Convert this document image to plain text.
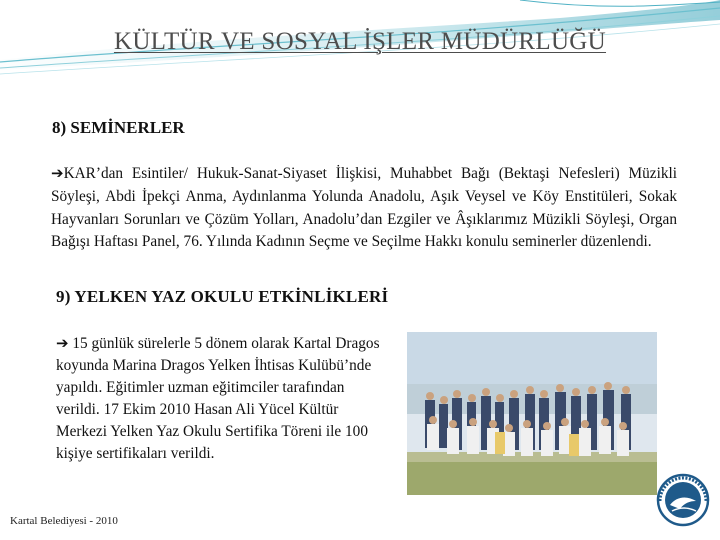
KÜLTÜR VE SOSYAL İŞLER MÜDÜRLÜĞÜ
8) SEMİNERLER
➔KAR’dan Esintiler/ Hukuk-Sanat-Siyaset İlişkisi, Muhabbet Bağı (Bektaşi Nefesleri) Müzikli Söyleşi, Abdi İpekçi Anma, Aydınlanma Yolunda Anadolu, Aşık Veysel ve Köy Enstitüleri, Sokak Hayvanları Sorunları ve Çözüm Yolları, Anadolu’dan Ezgiler ve Âşıklarımız Müzikli Söyleşi, Organ Bağışı Haftası Panel, 76. Yılında Kadının Seçme ve Seçilme Hakkı konulu seminerler düzenlendi.
9) YELKEN YAZ OKULU ETKİNLİKLERİ
➔ 15 günlük sürelerle 5 dönem olarak Kartal Dragos koyunda Marina Dragos Yelken İhtisas Kulübü’nde yapıldı. Eğitimler uzman eğitimciler tarafından verildi. 17 Ekim 2010 Hasan Ali Yücel Kültür Merkezi Yelken Yaz Okulu Sertifika Töreni ile 100 kişiye sertifikaları verildi.
Kartal Belediyesi - 2010
